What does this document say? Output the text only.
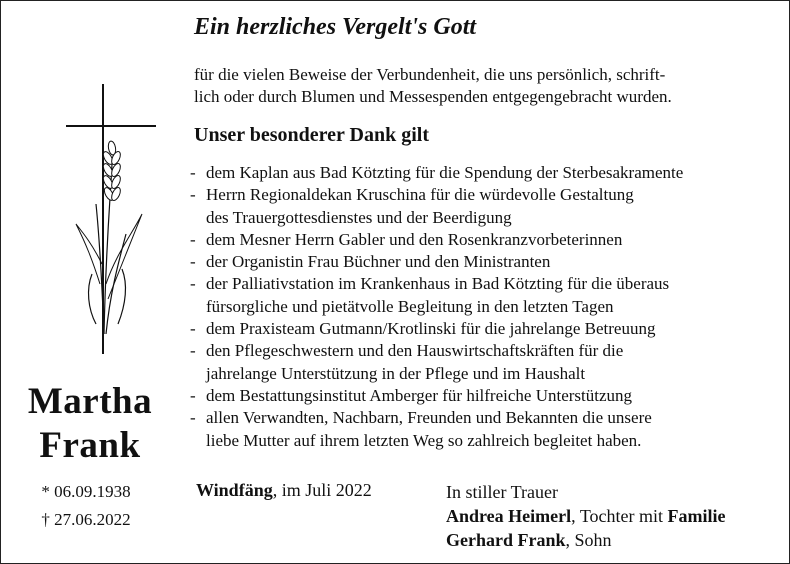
Ein herzliches Vergelt's Gott
für die vielen Beweise der Verbundenheit, die uns persönlich, schrift-
lich oder durch Blumen und Messespenden entgegengebracht wurden.
Unser besonderer Dank gilt
- dem Kaplan aus Bad Kötzting für die Spendung der Sterbesakramente
- Herrn Regionaldekan Kruschina für die würdevolle Gestaltung
des Trauergottesdienstes und der Beerdigung
- dem Mesner Herrn Gabler und den Rosenkranzvorbeterinnen
- der Organistin Frau Büchner und den Ministranten
- der Palliativstation im Krankenhaus in Bad Kötzting für die überaus
fürsorgliche und pietätvolle Begleitung in den letzten Tagen
- dem Praxisteam Gutmann/Krotlinski für die jahrelange Betreuung
- den Pflegeschwestern und den Hauswirtschaftskräften für die
jahrelange Unterstützung in der Pflege und im Haushalt
- dem Bestattungsinstitut Amberger für hilfreiche Unterstützung
- allen Verwandten, Nachbarn, Freunden und Bekannten die unsere
liebe Mutter auf ihrem letzten Weg so zahlreich begleitet haben.
Martha
Frank
* 06.09.1938
† 27.06.2022
Windfäng, im Juli 2022	In stiller Trauer
Andrea Heimerl, Tochter mit Familie
Gerhard Frank, Sohn
